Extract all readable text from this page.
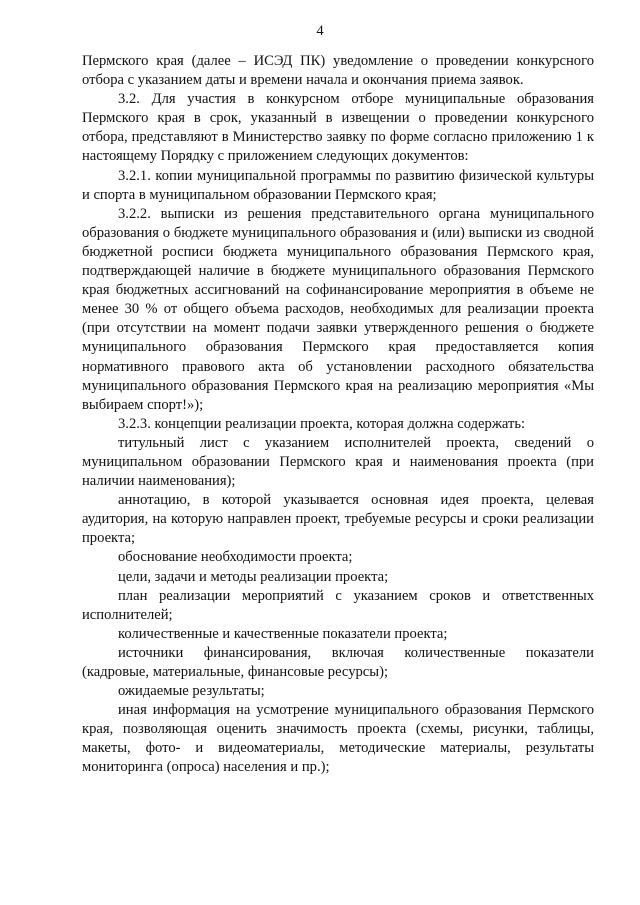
4

Пермского края (далее – ИСЭД ПК) уведомление о проведении конкурсного отбора с указанием даты и времени начала и окончания приема заявок.

3.2. Для участия в конкурсном отборе муниципальные образования Пермского края в срок, указанный в извещении о проведении конкурсного отбора, представляют в Министерство заявку по форме согласно приложению 1 к настоящему Порядку с приложением следующих документов:

3.2.1. копии муниципальной программы по развитию физической культуры и спорта в муниципальном образовании Пермского края;

3.2.2. выписки из решения представительного органа муниципального образования о бюджете муниципального образования и (или) выписки из сводной бюджетной росписи бюджета муниципального образования Пермского края, подтверждающей наличие в бюджете муниципального образования Пермского края бюджетных ассигнований на софинансирование мероприятия в объеме не менее 30 % от общего объема расходов, необходимых для реализации проекта (при отсутствии на момент подачи заявки утвержденного решения о бюджете муниципального образования Пермского края предоставляется копия нормативного правового акта об установлении расходного обязательства муниципального образования Пермского края на реализацию мероприятия «Мы выбираем спорт!»);

3.2.3. концепции реализации проекта, которая должна содержать:

титульный лист с указанием исполнителей проекта, сведений о муниципальном образовании Пермского края и наименования проекта (при наличии наименования);

аннотацию, в которой указывается основная идея проекта, целевая аудитория, на которую направлен проект, требуемые ресурсы и сроки реализации проекта;

обоснование необходимости проекта;

цели, задачи и методы реализации проекта;

план реализации мероприятий с указанием сроков и ответственных исполнителей;

количественные и качественные показатели проекта;

источники финансирования, включая количественные показатели (кадровые, материальные, финансовые ресурсы);

ожидаемые результаты;

иная информация на усмотрение муниципального образования Пермского края, позволяющая оценить значимость проекта (схемы, рисунки, таблицы, макеты, фото- и видеоматериалы, методические материалы, результаты мониторинга (опроса) населения и пр.);
